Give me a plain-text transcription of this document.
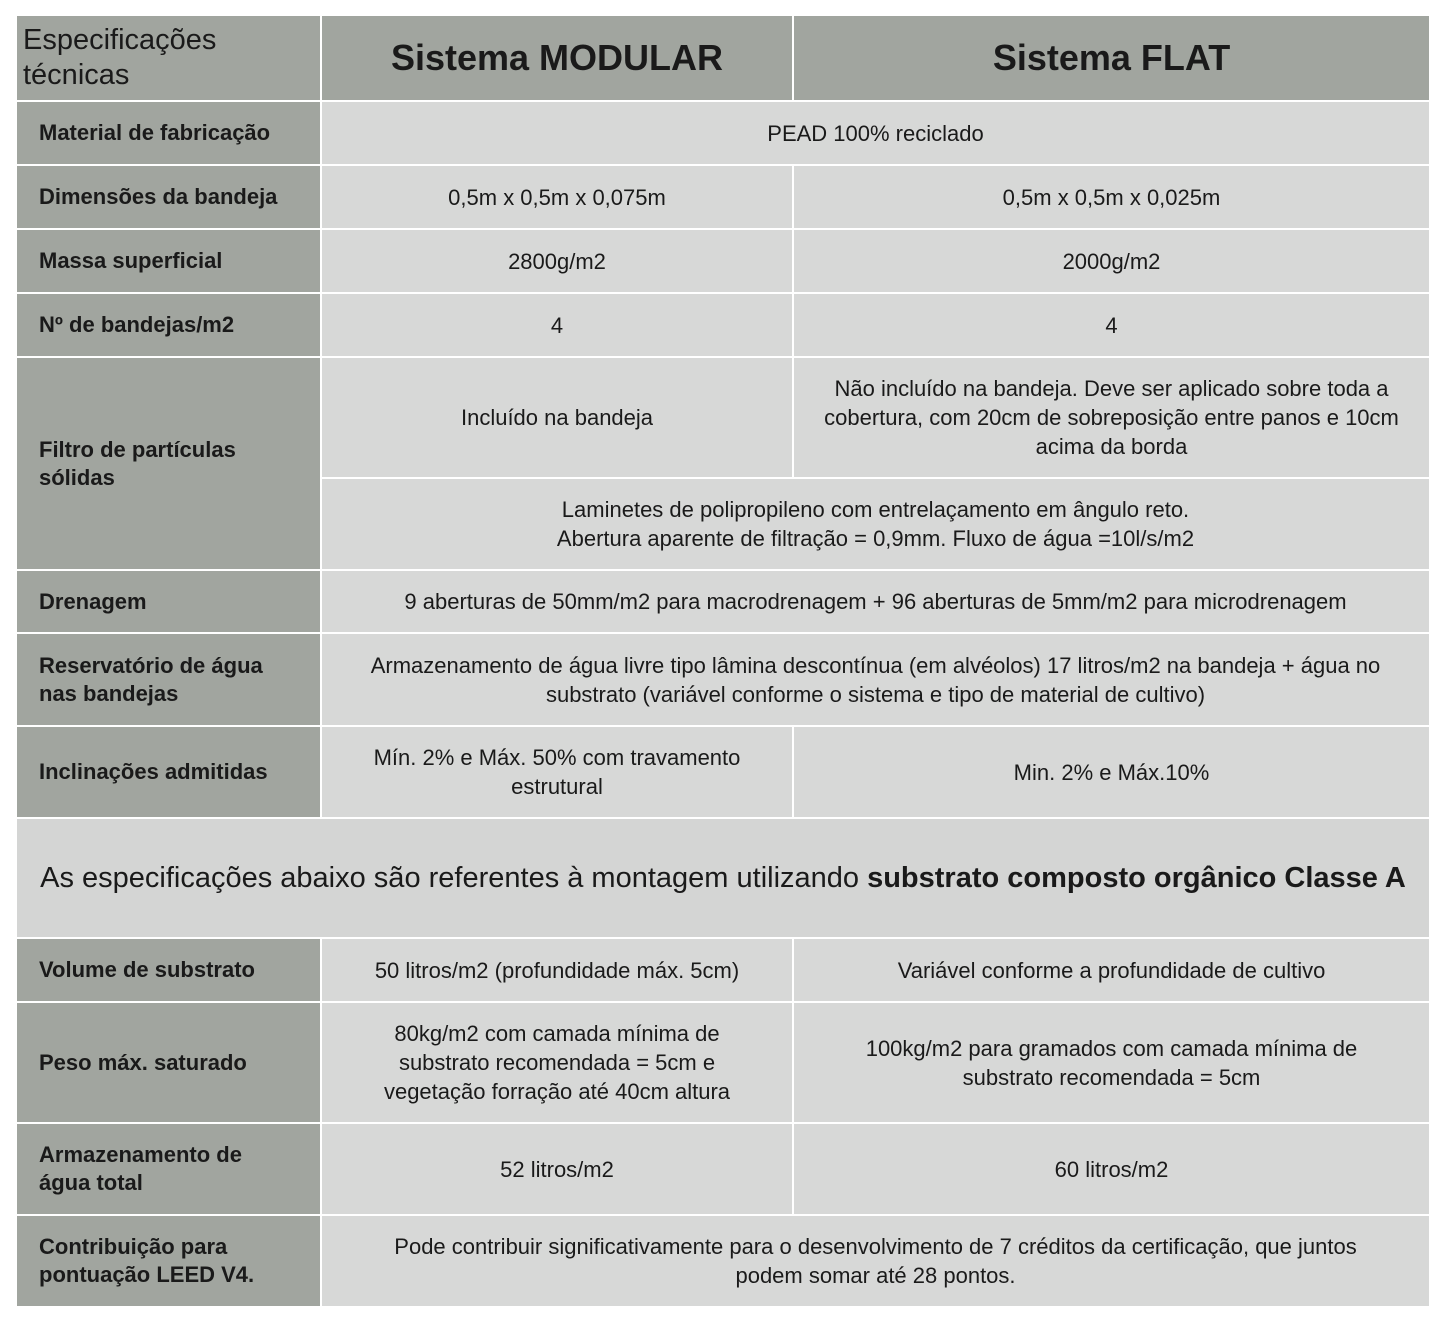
Especificações técnicas	Sistema MODULAR	Sistema FLAT
Material de fabricação	PEAD 100% reciclado	
Dimensões da bandeja	0,5m x 0,5m x 0,075m	0,5m x 0,5m x 0,025m
Massa superficial	2800g/m2	2000g/m2
Nº de bandejas/m2	4	4
Filtro de partículas sólidas	Incluído na bandeja	Não incluído na bandeja. Deve ser aplicado sobre toda a cobertura, com 20cm de sobreposição entre panos e 10cm acima da borda

	Laminetes de polipropileno com entrelaçamento em ângulo reto.
Abertura aparente de filtração = 0,9mm. Fluxo de água =10l/s/m2	

Drenagem	9 aberturas de 50mm/m2 para macrodrenagem + 96 aberturas de 5mm/m2 para microdrenagem	
Reservatório de água nas bandejas	Armazenamento de água livre tipo lâmina descontínua (em alvéolos) 17 litros/m2 na bandeja + água no substrato (variável conforme o sistema e tipo de material de cultivo)	
Inclinações admitidas	Mín. 2% e Máx. 50% com travamento estrutural	Min. 2% e Máx.10%
As especificações abaixo são referentes à montagem utilizando substrato composto orgânico Classe A		
Volume de substrato	50 litros/m2 (profundidade máx. 5cm)	Variável conforme a profundidade de cultivo
Peso máx. saturado	80kg/m2 com camada mínima de substrato recomendada = 5cm e vegetação forração até 40cm altura	100kg/m2 para gramados com camada mínima de substrato recomendada = 5cm
Armazenamento de água total	52 litros/m2	60 litros/m2
Contribuição para pontuação LEED V4.	Pode contribuir significativamente para o desenvolvimento de 7 créditos da certificação, que juntos podem somar até 28 pontos.	
